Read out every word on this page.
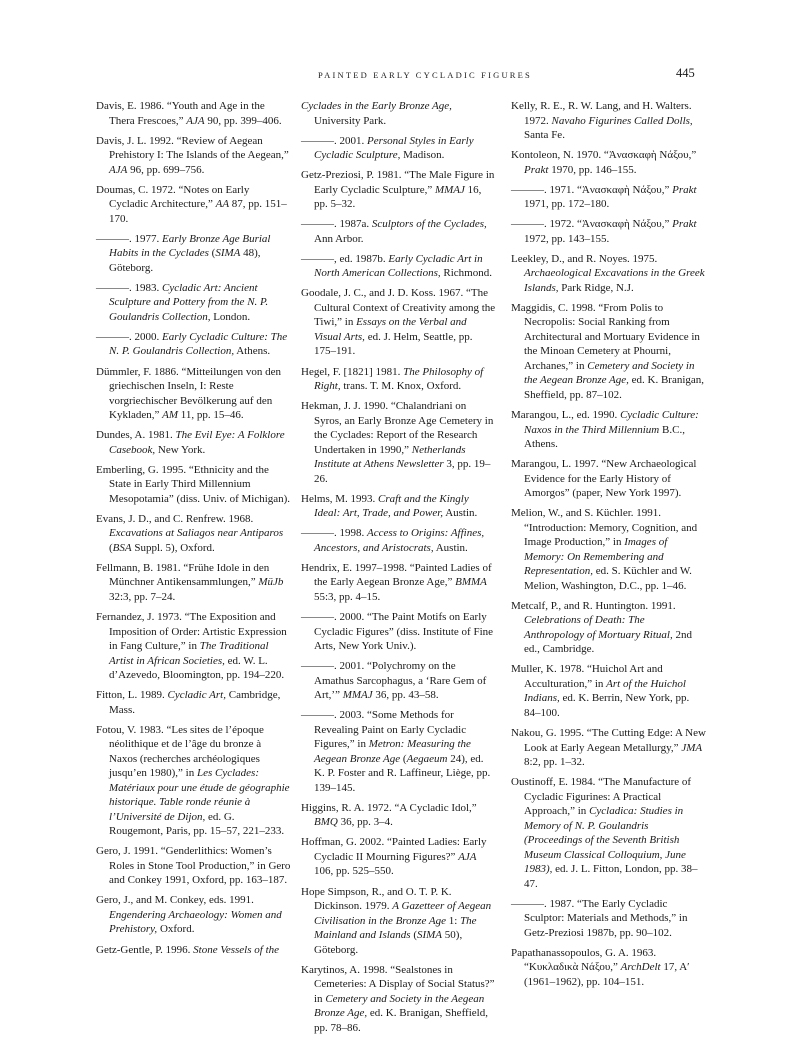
PAINTED EARLY CYCLADIC FIGURES	445

Davis, E. 1986. “Youth and Age in the Thera Frescoes,” AJA 90, pp. 399–406.

Davis, J. L. 1992. “Review of Aegean Prehistory I: The Islands of the Aegean,” AJA 96, pp. 699–756.

Doumas, C. 1972. “Notes on Early Cycladic Architecture,” AA 87, pp. 151–170.

———. 1977. Early Bronze Age Burial Habits in the Cyclades (SIMA 48), Göteborg.

———. 1983. Cycladic Art: Ancient Sculpture and Pottery from the N. P. Goulandris Collection, London.

———. 2000. Early Cycladic Culture: The N. P. Goulandris Collection, Athens.

Dümmler, F. 1886. “Mitteilungen von den griechischen Inseln, I: Reste vorgriechischer Bevölkerung auf den Kykladen,” AM 11, pp. 15–46.

Dundes, A. 1981. The Evil Eye: A Folklore Casebook, New York.

Emberling, G. 1995. “Ethnicity and the State in Early Third Millennium Mesopotamia” (diss. Univ. of Michigan).

Evans, J. D., and C. Renfrew. 1968. Excavations at Saliagos near Antiparos (BSA Suppl. 5), Oxford.

Fellmann, B. 1981. “Frühe Idole in den Münchner Antikensammlungen,” MüJb 32:3, pp. 7–24.

Fernandez, J. 1973. “The Exposition and Imposition of Order: Artistic Expression in Fang Culture,” in The Traditional Artist in African Societies, ed. W. L. d’Azevedo, Bloomington, pp. 194–220.

Fitton, L. 1989. Cycladic Art, Cambridge, Mass.

Fotou, V. 1983. “Les sites de l’époque néolithique et de l’âge du bronze à Naxos (recherches archéologiques jusqu’en 1980),” in Les Cyclades: Matériaux pour une étude de géographie historique. Table ronde réunie à l’Université de Dijon, ed. G. Rougemont, Paris, pp. 15–57, 221–233.

Gero, J. 1991. “Genderlithics: Women’s Roles in Stone Tool Production,” in Gero and Conkey 1991, Oxford, pp. 163–187.

Gero, J., and M. Conkey, eds. 1991. Engendering Archaeology: Women and Prehistory, Oxford.

Getz-Gentle, P. 1996. Stone Vessels of the

Cyclades in the Early Bronze Age, University Park.

———. 2001. Personal Styles in Early Cycladic Sculpture, Madison.

Getz-Preziosi, P. 1981. “The Male Figure in Early Cycladic Sculpture,” MMAJ 16, pp. 5–32.

———. 1987a. Sculptors of the Cyclades, Ann Arbor.

———, ed. 1987b. Early Cycladic Art in North American Collections, Richmond.

Goodale, J. C., and J. D. Koss. 1967. “The Cultural Context of Creativity among the Tiwi,” in Essays on the Verbal and Visual Arts, ed. J. Helm, Seattle, pp. 175–191.

Hegel, F. [1821] 1981. The Philosophy of Right, trans. T. M. Knox, Oxford.

Hekman, J. J. 1990. “Chalandriani on Syros, an Early Bronze Age Cemetery in the Cyclades: Report of the Research Undertaken in 1990,” Netherlands Institute at Athens Newsletter 3, pp. 19–26.

Helms, M. 1993. Craft and the Kingly Ideal: Art, Trade, and Power, Austin.

———. 1998. Access to Origins: Affines, Ancestors, and Aristocrats, Austin.

Hendrix, E. 1997–1998. “Painted Ladies of the Early Aegean Bronze Age,” BMMA 55:3, pp. 4–15.

———. 2000. “The Paint Motifs on Early Cycladic Figures” (diss. Institute of Fine Arts, New York Univ.).

———. 2001. “Polychromy on the Amathus Sarcophagus, a ‘Rare Gem of Art,’” MMAJ 36, pp. 43–58.

———. 2003. “Some Methods for Revealing Paint on Early Cycladic Figures,” in Metron: Measuring the Aegean Bronze Age (Aegaeum 24), ed. K. P. Foster and R. Laffineur, Liège, pp. 139–145.

Higgins, R. A. 1972. “A Cycladic Idol,” BMQ 36, pp. 3–4.

Hoffman, G. 2002. “Painted Ladies: Early Cycladic II Mourning Figures?” AJA 106, pp. 525–550.

Hope Simpson, R., and O. T. P. K. Dickinson. 1979. A Gazetteer of Aegean Civilisation in the Bronze Age 1: The Mainland and Islands (SIMA 50), Göteborg.

Karytinos, A. 1998. “Sealstones in Cemeteries: A Display of Social Status?” in Cemetery and Society in the Aegean Bronze Age, ed. K. Branigan, Sheffield, pp. 78–86.

Kelly, R. E., R. W. Lang, and H. Walters. 1972. Navaho Figurines Called Dolls, Santa Fe.

Kontoleon, N. 1970. “Ἀνασκαφὴ Νάξου,” Prakt 1970, pp. 146–155.

———. 1971. “Ἀνασκαφὴ Νάξου,” Prakt 1971, pp. 172–180.

———. 1972. “Ἀνασκαφὴ Νάξου,” Prakt 1972, pp. 143–155.

Leekley, D., and R. Noyes. 1975. Archaeological Excavations in the Greek Islands, Park Ridge, N.J.

Maggidis, C. 1998. “From Polis to Necropolis: Social Ranking from Architectural and Mortuary Evidence in the Minoan Cemetery at Phourni, Archanes,” in Cemetery and Society in the Aegean Bronze Age, ed. K. Branigan, Sheffield, pp. 87–102.

Marangou, L., ed. 1990. Cycladic Culture: Naxos in the Third Millennium B.C., Athens.

Marangou, L. 1997. “New Archaeological Evidence for the Early History of Amorgos” (paper, New York 1997).

Melion, W., and S. Küchler. 1991. “Introduction: Memory, Cognition, and Image Production,” in Images of Memory: On Remembering and Representation, ed. S. Küchler and W. Melion, Washington, D.C., pp. 1–46.

Metcalf, P., and R. Huntington. 1991. Celebrations of Death: The Anthropology of Mortuary Ritual, 2nd ed., Cambridge.

Muller, K. 1978. “Huichol Art and Acculturation,” in Art of the Huichol Indians, ed. K. Berrin, New York, pp. 84–100.

Nakou, G. 1995. “The Cutting Edge: A New Look at Early Aegean Metallurgy,” JMA 8:2, pp. 1–32.

Oustinoff, E. 1984. “The Manufacture of Cycladic Figurines: A Practical Approach,” in Cycladica: Studies in Memory of N. P. Goulandris (Proceedings of the Seventh British Museum Classical Colloquium, June 1983), ed. J. L. Fitton, London, pp. 38–47.

———. 1987. “The Early Cycladic Sculptor: Materials and Methods,” in Getz-Preziosi 1987b, pp. 90–102.

Papathanassopoulos, G. A. 1963. “Κυκλαδικὰ Νάξου,” ArchDelt 17, A′ (1961–1962), pp. 104–151.
